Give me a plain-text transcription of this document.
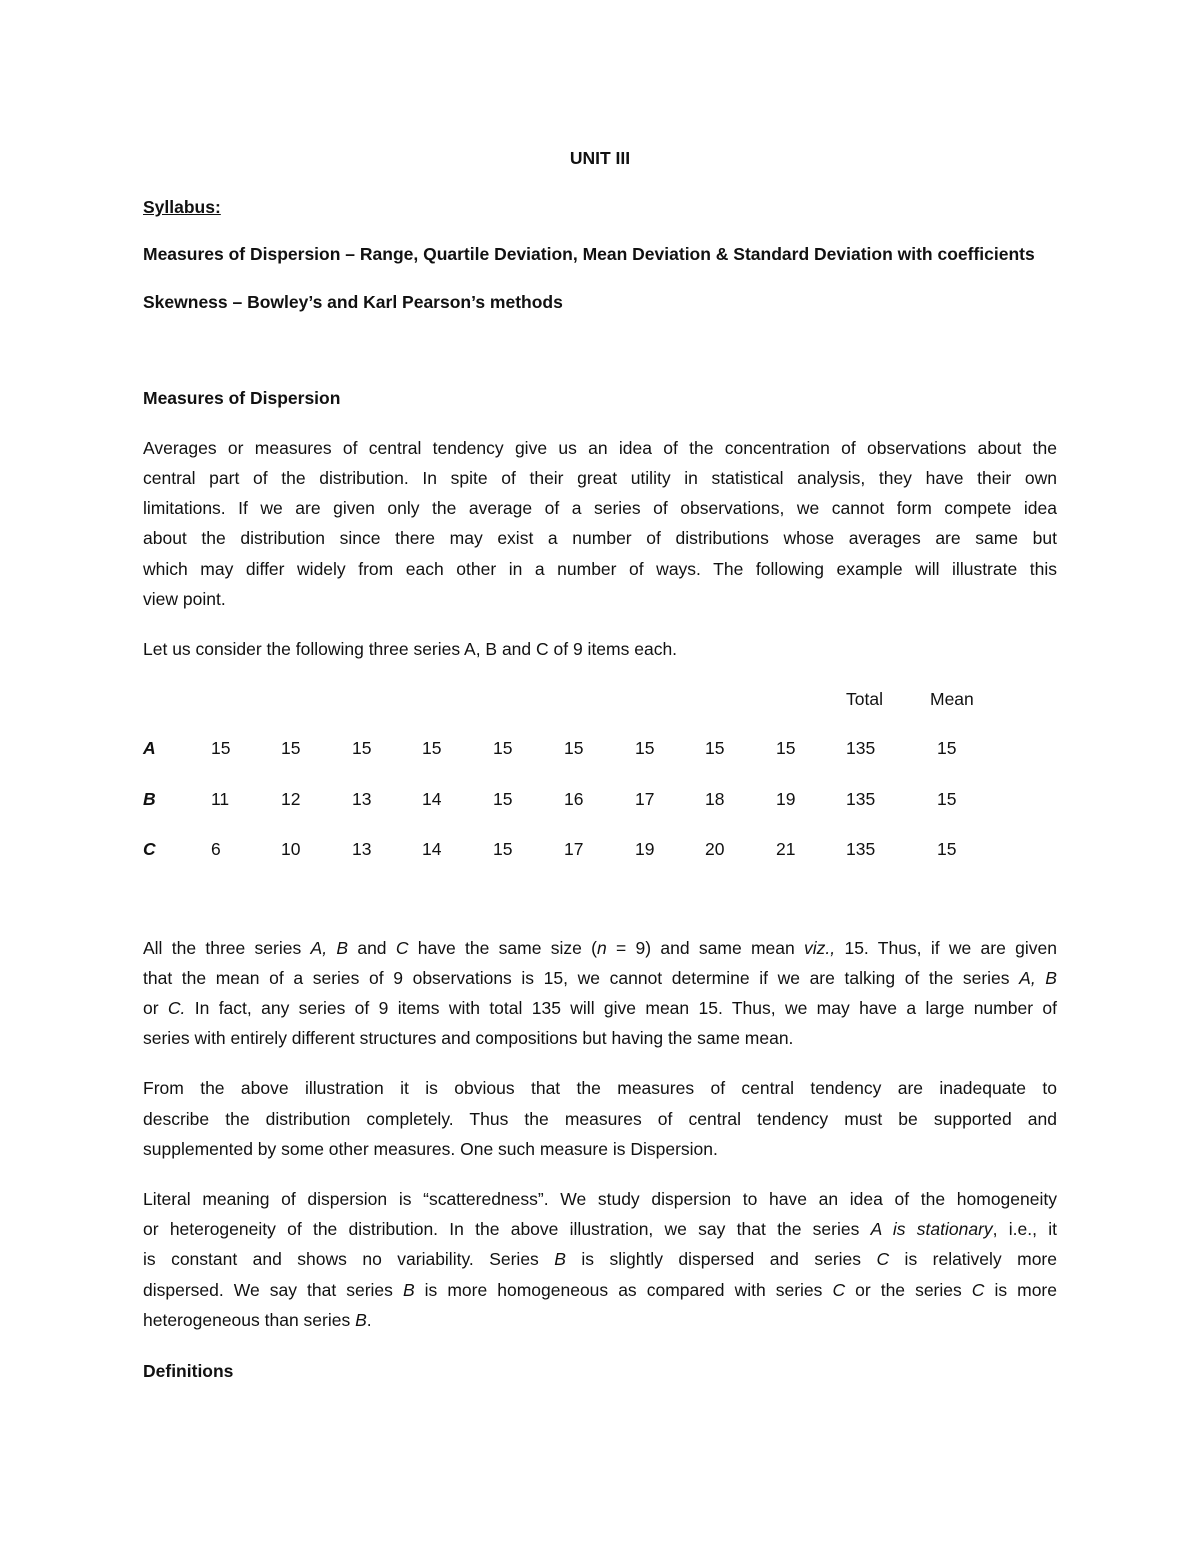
UNIT III
Syllabus:
Measures of Dispersion – Range, Quartile Deviation, Mean Deviation & Standard Deviation with coefficients
Skewness – Bowley’s and Karl Pearson’s methods
Measures of Dispersion
Averages or measures of central tendency give us an idea of the concentration of observations about the
central part of the distribution. In spite of their great utility in statistical analysis, they have their own
limitations. If we are given only the average of a series of observations, we cannot form compete idea
about the distribution since there may exist a number of distributions whose averages are same but
which may differ widely from each other in a number of ways. The following example will illustrate this
view point.
Let us consider the following three series A, B and C of 9 items each.
Total	Mean
A	15	15	15	15	15	15	15	15	15	135	15
B	11	12	13	14	15	16	17	18	19	135	15
C	6	10	13	14	15	17	19	20	21	135	15
All the three series A, B and C have the same size (n = 9) and same mean viz., 15. Thus, if we are given
that the mean of a series of 9 observations is 15, we cannot determine if we are talking of the series A, B
or C. In fact, any series of 9 items with total 135 will give mean 15. Thus, we may have a large number of
series with entirely different structures and compositions but having the same mean.
From the above illustration it is obvious that the measures of central tendency are inadequate to
describe the distribution completely. Thus the measures of central tendency must be supported and
supplemented by some other measures. One such measure is Dispersion.
Literal meaning of dispersion is “scatteredness”. We study dispersion to have an idea of the homogeneity
or heterogeneity of the distribution. In the above illustration, we say that the series A is stationary, i.e., it
is constant and shows no variability. Series B is slightly dispersed and series C is relatively more
dispersed. We say that series B is more homogeneous as compared with series C or the series C is more
heterogeneous than series B.
Definitions
